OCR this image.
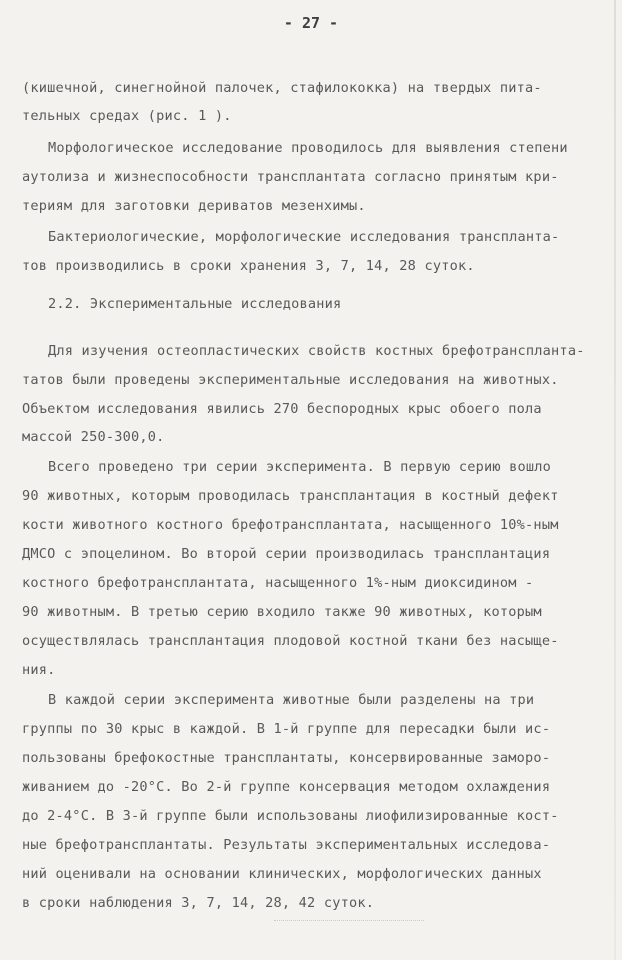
- 27 -
(кишечной, синегнойной палочек, стафилококка) на твердых пита-
тельных средах (рис. 1 ).
Морфологическое исследование проводилось для выявления степени
аутолиза и жизнеспособности трансплантата согласно принятым кри-
териям для заготовки дериватов мезенхимы.
Бактериологические, морфологические исследования транспланта-
тов производились в сроки хранения 3, 7, 14, 28 суток.
2.2. Экспериментальные исследования
Для изучения остеопластических свойств костных брефотранспланта-
татов были проведены экспериментальные исследования на животных.
Объектом исследования явились 270 беспородных крыс обоего пола
массой 250-300,0.
Всего проведено три серии эксперимента. В первую серию вошло
90 животных, которым проводилась трансплантация в костный дефект
кости животного костного брефотрансплантата, насыщенного 10%-ным
ДМСО с эпоцелином. Во второй серии производилась трансплантация
костного брефотрансплантата, насыщенного 1%-ным диоксидином -
90 животным. В третью серию входило также 90 животных, которым
осуществлялась трансплантация плодовой костной ткани без насыще-
ния.
В каждой серии эксперимента животные были разделены на три
группы по 30 крыс в каждой. В 1-й группе для пересадки были ис-
пользованы брефокостные трансплантаты, консервированные заморо-
живанием до -20°С. Во 2-й группе консервация методом охлаждения
до 2-4°С. В 3-й группе были использованы лиофилизированные кост-
ные брефотрансплантаты. Результаты экспериментальных исследова-
ний оценивали на основании клинических, морфологических данных
в сроки наблюдения 3, 7, 14, 28, 42 суток.
